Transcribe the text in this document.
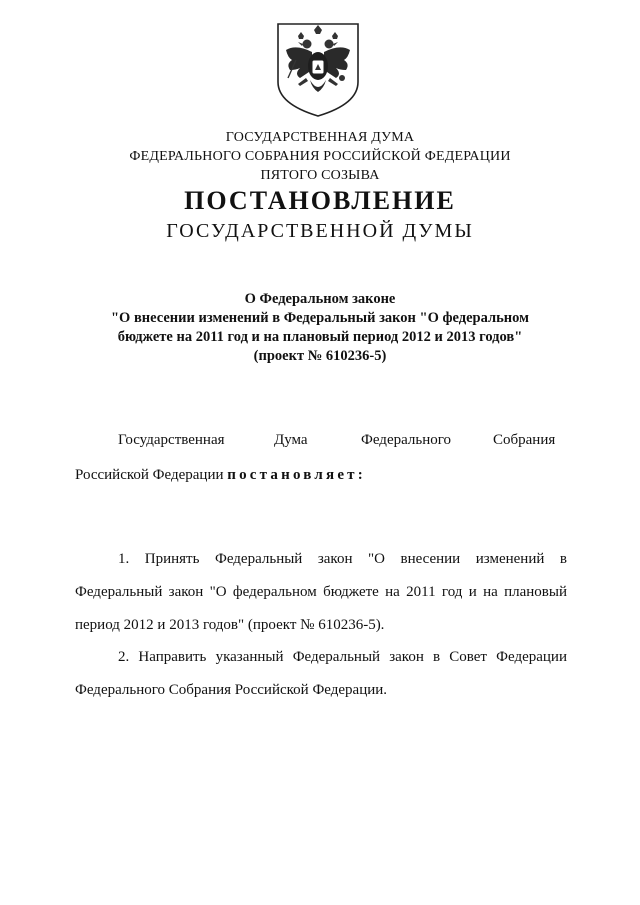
ГОСУДАРСТВЕННАЯ ДУМА
ФЕДЕРАЛЬНОГО СОБРАНИЯ РОССИЙСКОЙ ФЕДЕРАЦИИ
ПЯТОГО СОЗЫВА
ПОСТАНОВЛЕНИЕ
ГОСУДАРСТВЕННОЙ ДУМЫ
О Федеральном законе
"О внесении изменений в Федеральный закон "О федеральном
бюджете на 2011 год и на плановый период 2012 и 2013 годов"
(проект № 610236-5)
Государственная	Дума	Федерального	Собрания
Российской Федерации постановляет:
1. Принять Федеральный закон "О внесении изменений в
Федеральный закон "О федеральном бюджете на 2011 год и на плановый
период 2012 и 2013 годов" (проект № 610236-5).
2. Направить указанный Федеральный закон в Совет Федерации
Федерального Собрания Российской Федерации.
